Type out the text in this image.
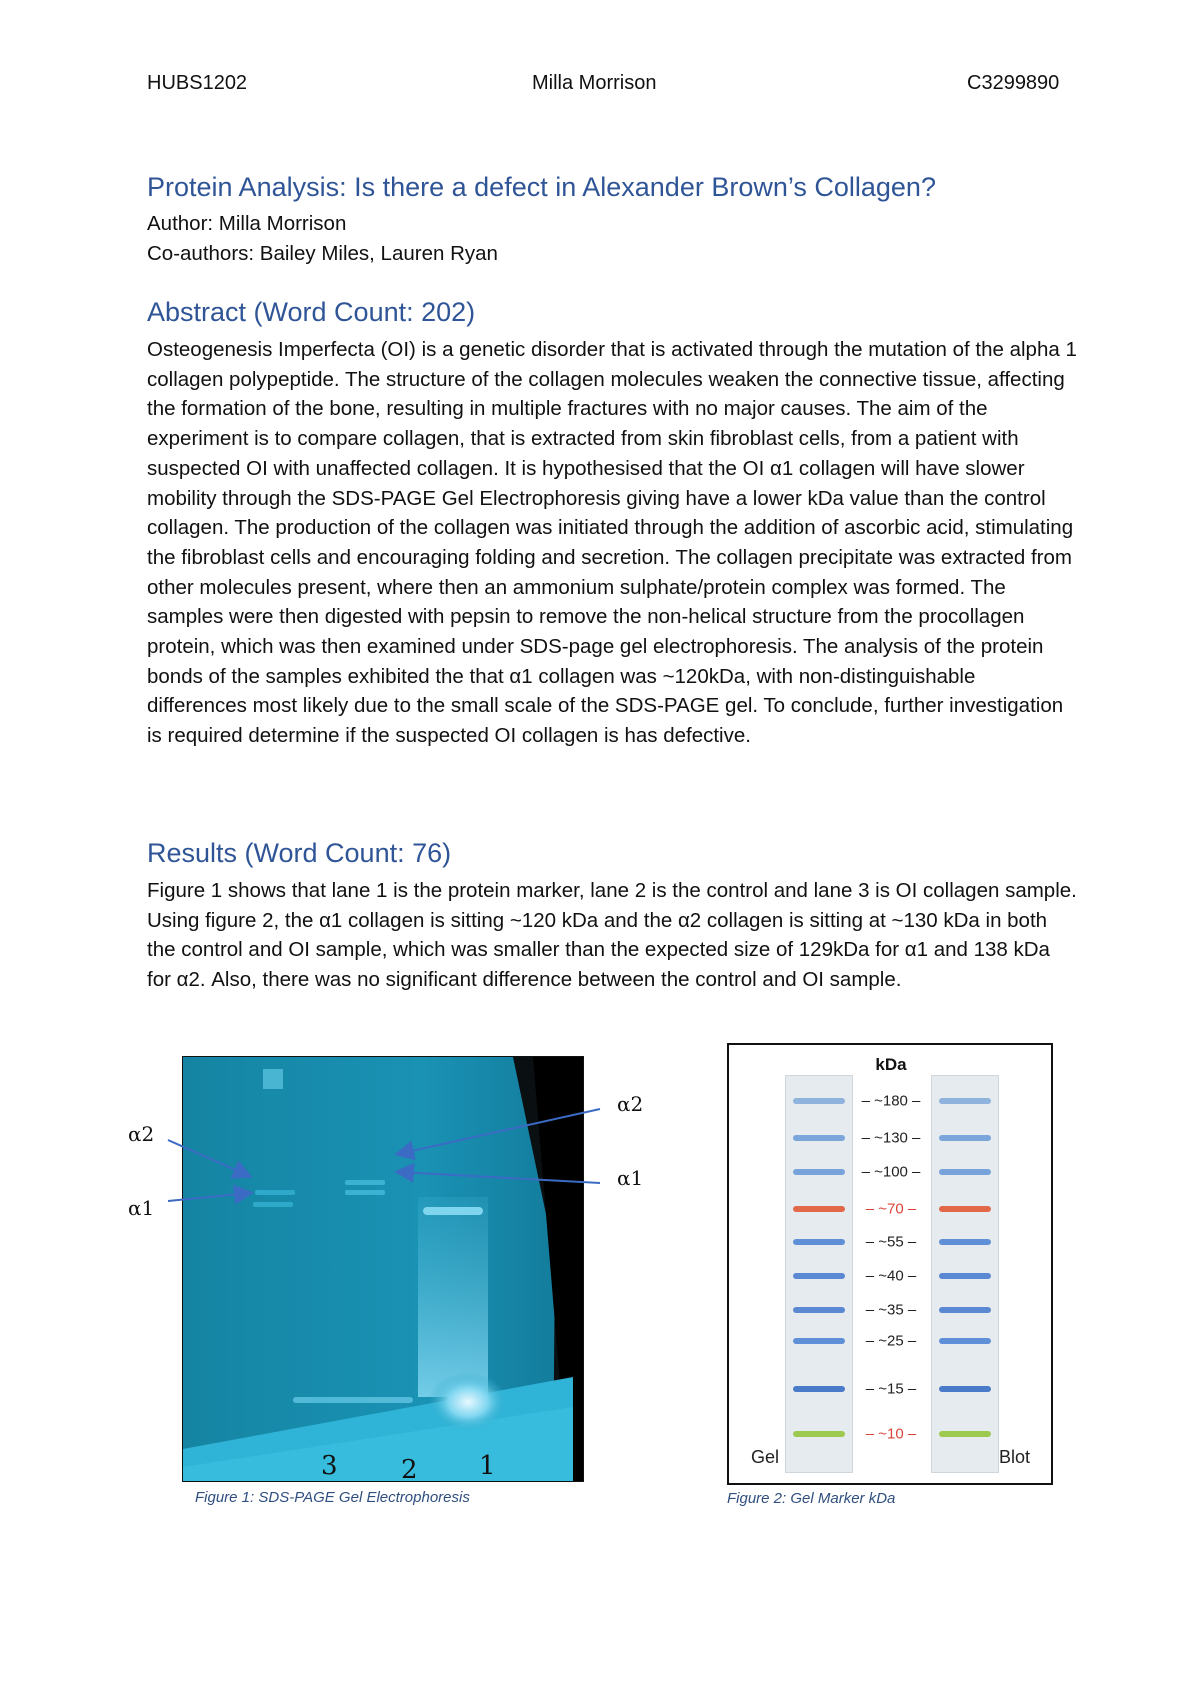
HUBS1202	Milla Morrison	C3299890
Protein Analysis: Is there a defect in Alexander Brown’s Collagen?
Author: Milla Morrison
Co-authors: Bailey Miles, Lauren Ryan
Abstract (Word Count: 202)

Osteogenesis Imperfecta (OI) is a genetic disorder that is activated through the mutation of the alpha 1 collagen polypeptide. The structure of the collagen molecules weaken the connective tissue, affecting the formation of the bone, resulting in multiple fractures with no major causes. The aim of the experiment is to compare collagen, that is extracted from skin fibroblast cells, from a patient with suspected OI with unaffected collagen. It is hypothesised that the OI α1 collagen will have slower mobility through the SDS-PAGE Gel Electrophoresis giving have a lower kDa value than the control collagen. The production of the collagen was initiated through the addition of ascorbic acid, stimulating the fibroblast cells and encouraging folding and secretion. The collagen precipitate was extracted from other molecules present, where then an ammonium sulphate/protein complex was formed. The samples were then digested with pepsin to remove the non-helical structure from the procollagen protein, which was then examined under SDS-page gel electrophoresis. The analysis of the protein bonds of the samples exhibited the that α1 collagen was ~120kDa, with non-distinguishable differences most likely due to the small scale of the SDS-PAGE gel. To conclude, further investigation is required determine if the suspected OI collagen is has defective.

Results (Word Count: 76)

Figure 1 shows that lane 1 is the protein marker, lane 2 is the control and lane 3 is OI collagen sample. Using figure 2, the α1 collagen is sitting ~120 kDa and the α2 collagen is sitting at ~130 kDa in both the control and OI sample, which was smaller than the expected size of 129kDa for α1 and 138 kDa for α2. Also, there was no significant difference between the control and OI sample.

3 2 1
α2
α1
α2
α1
Figure 1: SDS-PAGE Gel Electrophoresis
kDa
– ~180 –
– ~130 –
– ~100 –
– ~70 –
– ~55 –
– ~40 –
– ~35 –
– ~25 –
– ~15 –
– ~10 –
Gel	Blot
Figure 2: Gel Marker kDa
